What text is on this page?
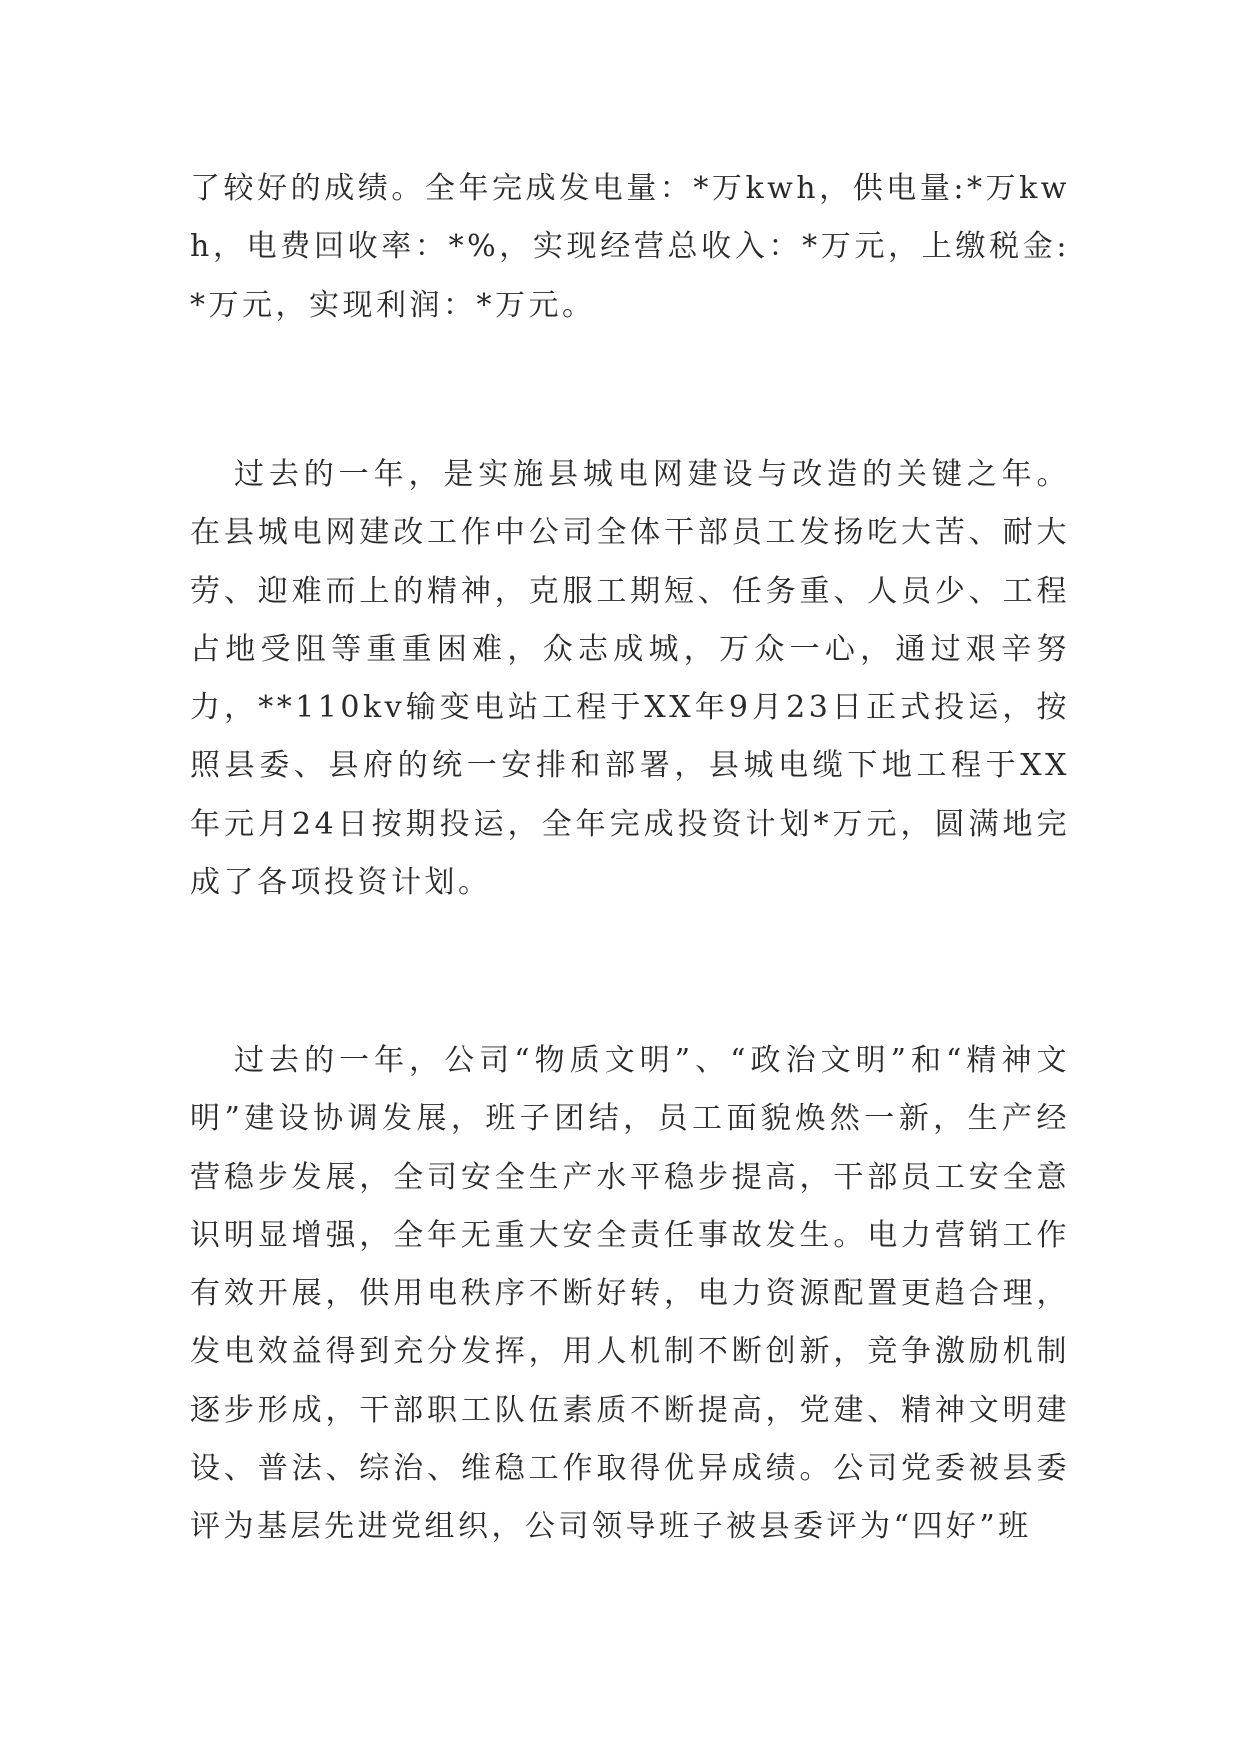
了较好的成绩。全年完成发电量：*万kwh，供电量:*万kwh，电费回收率：*%，实现经营总收入：*万元，上缴税金:*万元，实现利润：*万元。

过去的一年，是实施县城电网建设与改造的关键之年。在县城电网建改工作中公司全体干部员工发扬吃大苦、耐大劳、迎难而上的精神，克服工期短、任务重、人员少、工程占地受阻等重重困难，众志成城，万众一心，通过艰辛努力，**110kv输变电站工程于XX年9月23日正式投运，按照县委、县府的统一安排和部署，县城电缆下地工程于XX年元月24日按期投运，全年完成投资计划*万元，圆满地完成了各项投资计划。

过去的一年，公司“物质文明”、“政治文明”和“精神文明”建设协调发展，班子团结，员工面貌焕然一新，生产经营稳步发展，全司安全生产水平稳步提高，干部员工安全意识明显增强，全年无重大安全责任事故发生。电力营销工作有效开展，供用电秩序不断好转，电力资源配置更趋合理，发电效益得到充分发挥，用人机制不断创新，竞争激励机制逐步形成，干部职工队伍素质不断提高，党建、精神文明建设、普法、综治、维稳工作取得优异成绩。公司党委被县委评为基层先进党组织，公司领导班子被县委评为“四好”班
